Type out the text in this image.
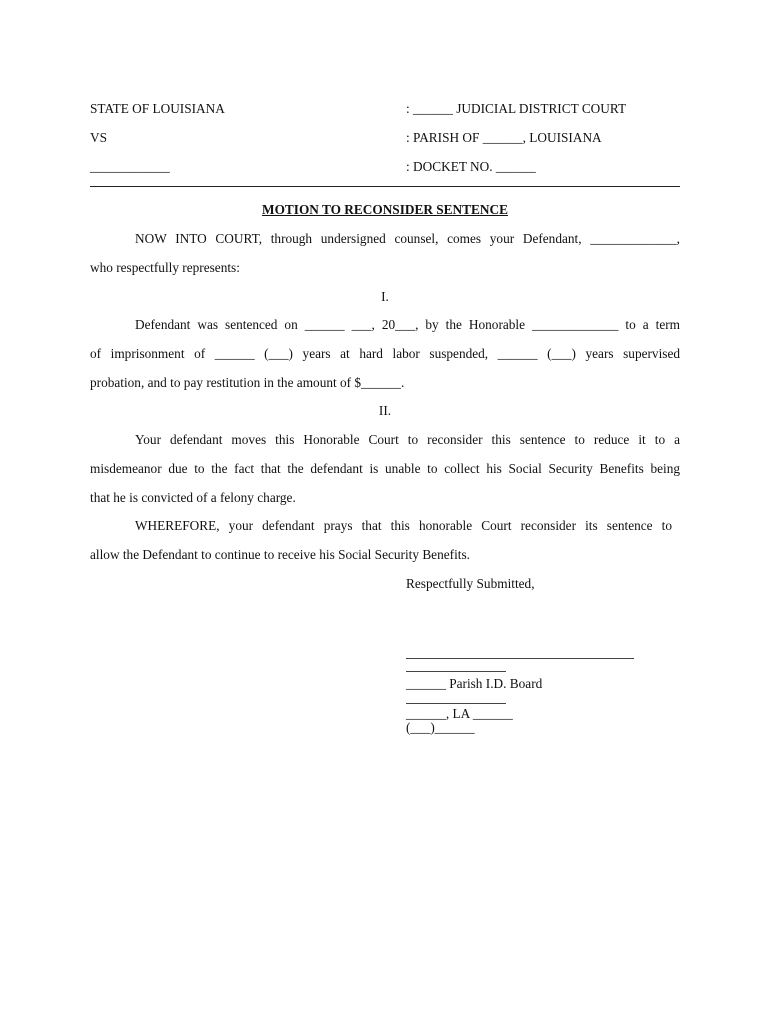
STATE OF LOUISIANA	: ______ JUDICIAL DISTRICT COURT
VS	: PARISH OF ______, LOUISIANA
____________	: DOCKET NO. ______
MOTION TO RECONSIDER SENTENCE
NOW INTO COURT, through undersigned counsel, comes your Defendant, _____________,
who respectfully represents:
I.
Defendant was sentenced on ______ ___, 20___, by the Honorable _____________ to a term
of imprisonment of ______ (___) years at hard labor suspended, ______ (___) years supervised
probation, and to pay restitution in the amount of $______.
II.
Your defendant moves this Honorable Court to reconsider this sentence to reduce it to a
misdemeanor due to the fact that the defendant is unable to collect his Social Security Benefits being
that he is convicted of a felony charge.
WHEREFORE, your defendant prays that this honorable Court reconsider its sentence to
allow the Defendant to continue to receive his Social Security Benefits.
Respectfully Submitted,
______ Parish I.D. Board
______, LA ______
(___)______
